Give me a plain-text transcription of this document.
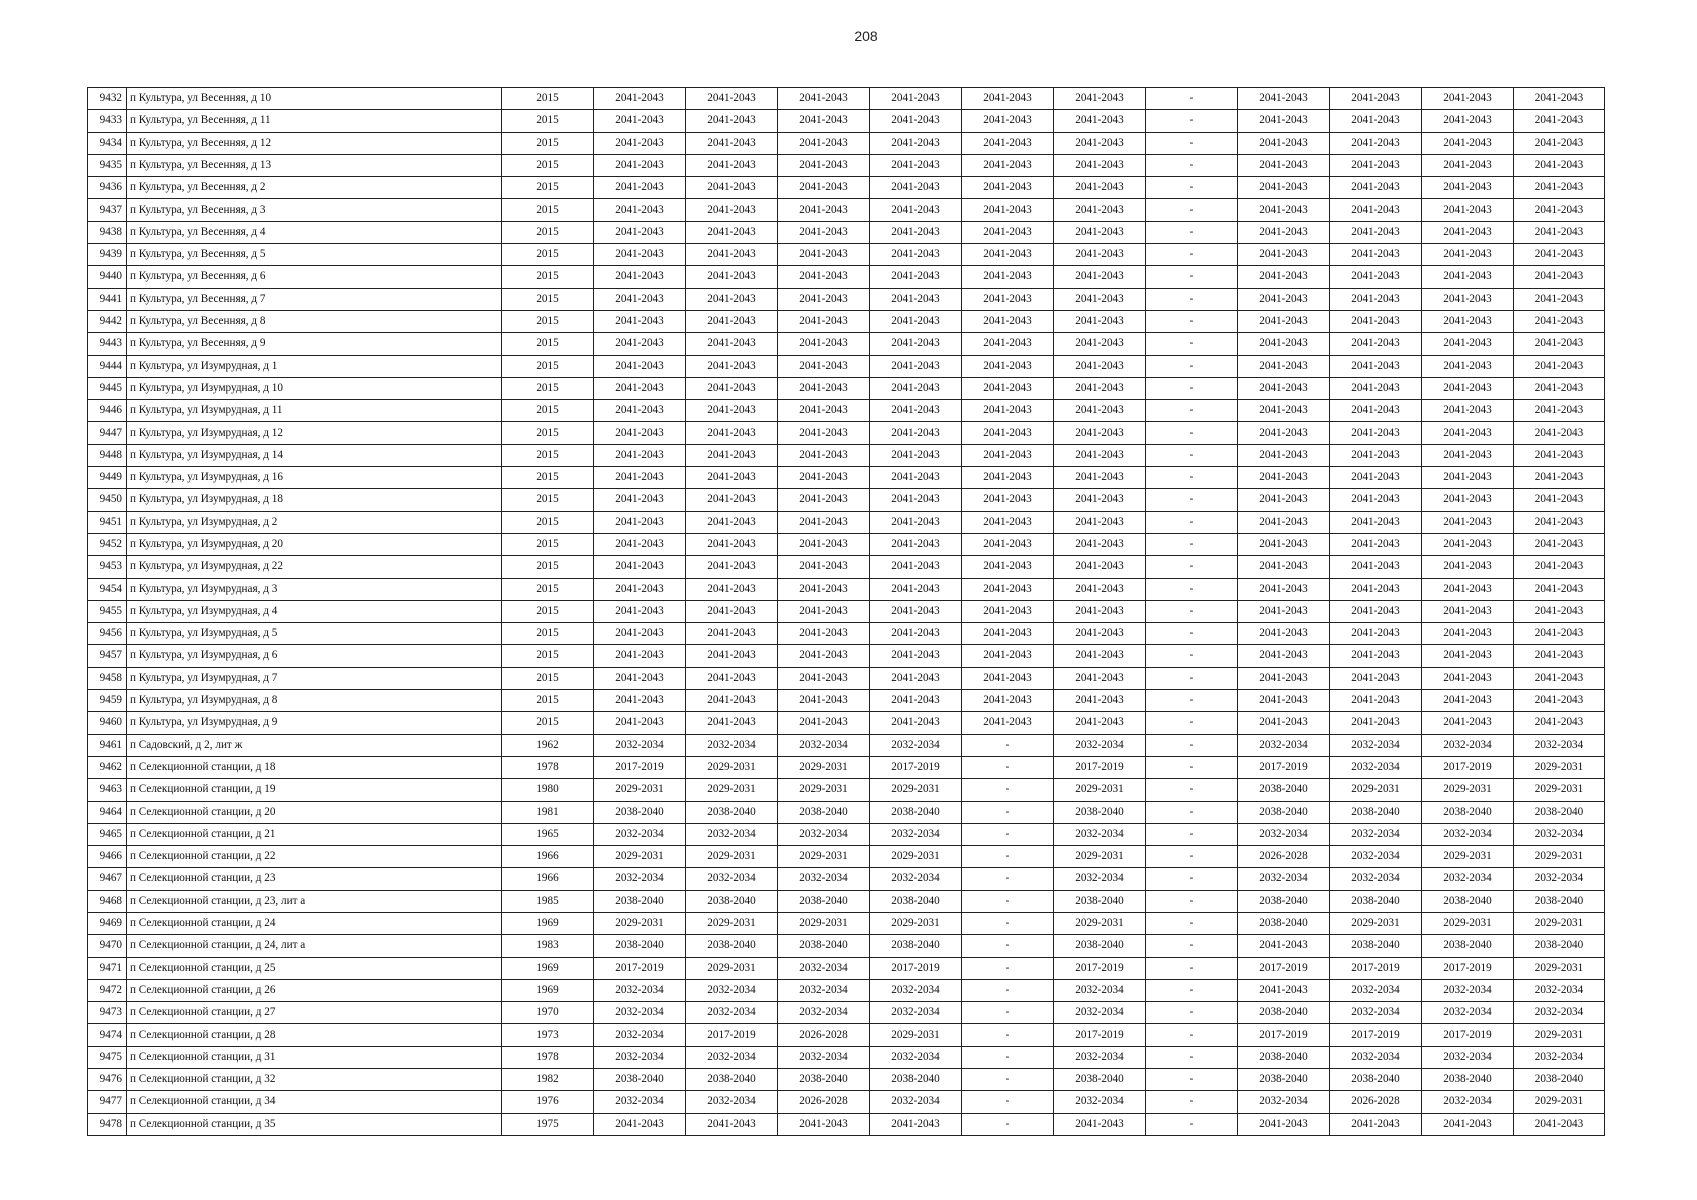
208
9432	п Культура, ул Весенняя, д 10	2015	2041-2043	2041-2043	2041-2043	2041-2043	2041-2043	2041-2043	-	2041-2043	2041-2043	2041-2043	2041-2043
9433	п Культура, ул Весенняя, д 11	2015	2041-2043	2041-2043	2041-2043	2041-2043	2041-2043	2041-2043	-	2041-2043	2041-2043	2041-2043	2041-2043
9434	п Культура, ул Весенняя, д 12	2015	2041-2043	2041-2043	2041-2043	2041-2043	2041-2043	2041-2043	-	2041-2043	2041-2043	2041-2043	2041-2043
9435	п Культура, ул Весенняя, д 13	2015	2041-2043	2041-2043	2041-2043	2041-2043	2041-2043	2041-2043	-	2041-2043	2041-2043	2041-2043	2041-2043
9436	п Культура, ул Весенняя, д 2	2015	2041-2043	2041-2043	2041-2043	2041-2043	2041-2043	2041-2043	-	2041-2043	2041-2043	2041-2043	2041-2043
9437	п Культура, ул Весенняя, д 3	2015	2041-2043	2041-2043	2041-2043	2041-2043	2041-2043	2041-2043	-	2041-2043	2041-2043	2041-2043	2041-2043
9438	п Культура, ул Весенняя, д 4	2015	2041-2043	2041-2043	2041-2043	2041-2043	2041-2043	2041-2043	-	2041-2043	2041-2043	2041-2043	2041-2043
9439	п Культура, ул Весенняя, д 5	2015	2041-2043	2041-2043	2041-2043	2041-2043	2041-2043	2041-2043	-	2041-2043	2041-2043	2041-2043	2041-2043
9440	п Культура, ул Весенняя, д 6	2015	2041-2043	2041-2043	2041-2043	2041-2043	2041-2043	2041-2043	-	2041-2043	2041-2043	2041-2043	2041-2043
9441	п Культура, ул Весенняя, д 7	2015	2041-2043	2041-2043	2041-2043	2041-2043	2041-2043	2041-2043	-	2041-2043	2041-2043	2041-2043	2041-2043
9442	п Культура, ул Весенняя, д 8	2015	2041-2043	2041-2043	2041-2043	2041-2043	2041-2043	2041-2043	-	2041-2043	2041-2043	2041-2043	2041-2043
9443	п Культура, ул Весенняя, д 9	2015	2041-2043	2041-2043	2041-2043	2041-2043	2041-2043	2041-2043	-	2041-2043	2041-2043	2041-2043	2041-2043
9444	п Культура, ул Изумрудная, д 1	2015	2041-2043	2041-2043	2041-2043	2041-2043	2041-2043	2041-2043	-	2041-2043	2041-2043	2041-2043	2041-2043
9445	п Культура, ул Изумрудная, д 10	2015	2041-2043	2041-2043	2041-2043	2041-2043	2041-2043	2041-2043	-	2041-2043	2041-2043	2041-2043	2041-2043
9446	п Культура, ул Изумрудная, д 11	2015	2041-2043	2041-2043	2041-2043	2041-2043	2041-2043	2041-2043	-	2041-2043	2041-2043	2041-2043	2041-2043
9447	п Культура, ул Изумрудная, д 12	2015	2041-2043	2041-2043	2041-2043	2041-2043	2041-2043	2041-2043	-	2041-2043	2041-2043	2041-2043	2041-2043
9448	п Культура, ул Изумрудная, д 14	2015	2041-2043	2041-2043	2041-2043	2041-2043	2041-2043	2041-2043	-	2041-2043	2041-2043	2041-2043	2041-2043
9449	п Культура, ул Изумрудная, д 16	2015	2041-2043	2041-2043	2041-2043	2041-2043	2041-2043	2041-2043	-	2041-2043	2041-2043	2041-2043	2041-2043
9450	п Культура, ул Изумрудная, д 18	2015	2041-2043	2041-2043	2041-2043	2041-2043	2041-2043	2041-2043	-	2041-2043	2041-2043	2041-2043	2041-2043
9451	п Культура, ул Изумрудная, д 2	2015	2041-2043	2041-2043	2041-2043	2041-2043	2041-2043	2041-2043	-	2041-2043	2041-2043	2041-2043	2041-2043
9452	п Культура, ул Изумрудная, д 20	2015	2041-2043	2041-2043	2041-2043	2041-2043	2041-2043	2041-2043	-	2041-2043	2041-2043	2041-2043	2041-2043
9453	п Культура, ул Изумрудная, д 22	2015	2041-2043	2041-2043	2041-2043	2041-2043	2041-2043	2041-2043	-	2041-2043	2041-2043	2041-2043	2041-2043
9454	п Культура, ул Изумрудная, д 3	2015	2041-2043	2041-2043	2041-2043	2041-2043	2041-2043	2041-2043	-	2041-2043	2041-2043	2041-2043	2041-2043
9455	п Культура, ул Изумрудная, д 4	2015	2041-2043	2041-2043	2041-2043	2041-2043	2041-2043	2041-2043	-	2041-2043	2041-2043	2041-2043	2041-2043
9456	п Культура, ул Изумрудная, д 5	2015	2041-2043	2041-2043	2041-2043	2041-2043	2041-2043	2041-2043	-	2041-2043	2041-2043	2041-2043	2041-2043
9457	п Культура, ул Изумрудная, д 6	2015	2041-2043	2041-2043	2041-2043	2041-2043	2041-2043	2041-2043	-	2041-2043	2041-2043	2041-2043	2041-2043
9458	п Культура, ул Изумрудная, д 7	2015	2041-2043	2041-2043	2041-2043	2041-2043	2041-2043	2041-2043	-	2041-2043	2041-2043	2041-2043	2041-2043
9459	п Культура, ул Изумрудная, д 8	2015	2041-2043	2041-2043	2041-2043	2041-2043	2041-2043	2041-2043	-	2041-2043	2041-2043	2041-2043	2041-2043
9460	п Культура, ул Изумрудная, д 9	2015	2041-2043	2041-2043	2041-2043	2041-2043	2041-2043	2041-2043	-	2041-2043	2041-2043	2041-2043	2041-2043
9461	п Садовский, д 2, лит ж	1962	2032-2034	2032-2034	2032-2034	2032-2034	-	2032-2034	-	2032-2034	2032-2034	2032-2034	2032-2034
9462	п Селекционной станции, д 18	1978	2017-2019	2029-2031	2029-2031	2017-2019	-	2017-2019	-	2017-2019	2032-2034	2017-2019	2029-2031
9463	п Селекционной станции, д 19	1980	2029-2031	2029-2031	2029-2031	2029-2031	-	2029-2031	-	2038-2040	2029-2031	2029-2031	2029-2031
9464	п Селекционной станции, д 20	1981	2038-2040	2038-2040	2038-2040	2038-2040	-	2038-2040	-	2038-2040	2038-2040	2038-2040	2038-2040
9465	п Селекционной станции, д 21	1965	2032-2034	2032-2034	2032-2034	2032-2034	-	2032-2034	-	2032-2034	2032-2034	2032-2034	2032-2034
9466	п Селекционной станции, д 22	1966	2029-2031	2029-2031	2029-2031	2029-2031	-	2029-2031	-	2026-2028	2032-2034	2029-2031	2029-2031
9467	п Селекционной станции, д 23	1966	2032-2034	2032-2034	2032-2034	2032-2034	-	2032-2034	-	2032-2034	2032-2034	2032-2034	2032-2034
9468	п Селекционной станции, д 23, лит а	1985	2038-2040	2038-2040	2038-2040	2038-2040	-	2038-2040	-	2038-2040	2038-2040	2038-2040	2038-2040
9469	п Селекционной станции, д 24	1969	2029-2031	2029-2031	2029-2031	2029-2031	-	2029-2031	-	2038-2040	2029-2031	2029-2031	2029-2031
9470	п Селекционной станции, д 24, лит а	1983	2038-2040	2038-2040	2038-2040	2038-2040	-	2038-2040	-	2041-2043	2038-2040	2038-2040	2038-2040
9471	п Селекционной станции, д 25	1969	2017-2019	2029-2031	2032-2034	2017-2019	-	2017-2019	-	2017-2019	2017-2019	2017-2019	2029-2031
9472	п Селекционной станции, д 26	1969	2032-2034	2032-2034	2032-2034	2032-2034	-	2032-2034	-	2041-2043	2032-2034	2032-2034	2032-2034
9473	п Селекционной станции, д 27	1970	2032-2034	2032-2034	2032-2034	2032-2034	-	2032-2034	-	2038-2040	2032-2034	2032-2034	2032-2034
9474	п Селекционной станции, д 28	1973	2032-2034	2017-2019	2026-2028	2029-2031	-	2017-2019	-	2017-2019	2017-2019	2017-2019	2029-2031
9475	п Селекционной станции, д 31	1978	2032-2034	2032-2034	2032-2034	2032-2034	-	2032-2034	-	2038-2040	2032-2034	2032-2034	2032-2034
9476	п Селекционной станции, д 32	1982	2038-2040	2038-2040	2038-2040	2038-2040	-	2038-2040	-	2038-2040	2038-2040	2038-2040	2038-2040
9477	п Селекционной станции, д 34	1976	2032-2034	2032-2034	2026-2028	2032-2034	-	2032-2034	-	2032-2034	2026-2028	2032-2034	2029-2031
9478	п Селекционной станции, д 35	1975	2041-2043	2041-2043	2041-2043	2041-2043	-	2041-2043	-	2041-2043	2041-2043	2041-2043	2041-2043
